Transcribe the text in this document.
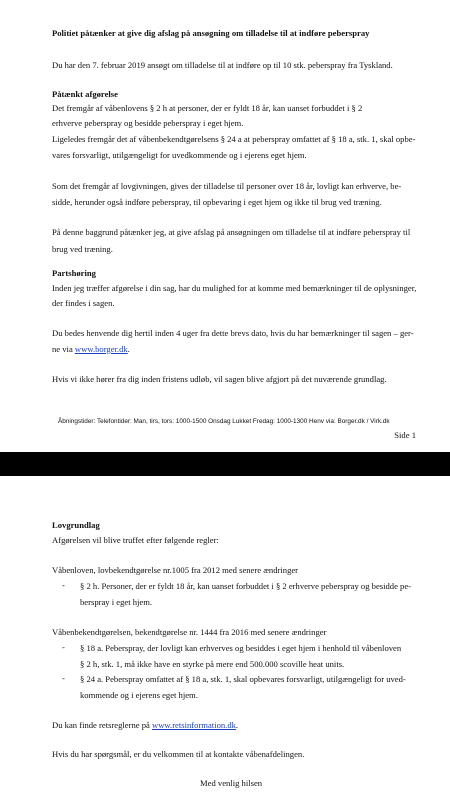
Politiet påtænker at give dig afslag på ansøgning om tilladelse til at indføre peberspray
Du har den 7. februar 2019 ansøgt om tilladelse til at indføre op til 10 stk. peberspray fra Tyskland.
Påtænkt afgørelse
Det fremgår af våbenlovens § 2 h at personer, der er fyldt 18 år, kan uanset forbuddet i § 2
erhverve peberspray og besidde peberspray i eget hjem.
Ligeledes fremgår det af våbenbekendtgørelsens § 24 a at peberspray omfattet af § 18 a, stk. 1, skal opbe-
vares forsvarligt, utilgængeligt for uvedkommende og i ejerens eget hjem.
Som det fremgår af lovgivningen, gives der tilladelse til personer over 18 år, lovligt kan erhverve, be-
sidde, herunder også indføre peberspray, til opbevaring i eget hjem og ikke til brug ved træning.
På denne baggrund påtænker jeg, at give afslag på ansøgningen om tilladelse til at indføre peberspray til
brug ved træning.
Partshøring
Inden jeg træffer afgørelse i din sag, har du mulighed for at komme med bemærkninger til de oplysninger,
der findes i sagen.
Du bedes henvende dig hertil inden 4 uger fra dette brevs dato, hvis du har bemærkninger til sagen – ger-
ne via www.borger.dk.
Hvis vi ikke hører fra dig inden fristens udløb, vil sagen blive afgjort på det nuværende grundlag.
Åbningstider: Telefontider: Man, tirs, tors: 1000-1500 Onsdag Lukket Fredag: 1000-1300 Henv via: Borger.dk / Virk.dk
Side 1
Lovgrundlag
Afgørelsen vil blive truffet efter følgende regler:
Våbenloven, lovbekendtgørelse nr.1005 fra 2012 med senere ændringer
- § 2 h. Personer, der er fyldt 18 år, kan uanset forbuddet i § 2 erhverve peberspray og besidde pe-
berspray i eget hjem.
Våbenbekendtgørelsen, bekendtgørelse nr. 1444 fra 2016 med senere ændringer
- § 18 a. Peberspray, der lovligt kan erhverves og besiddes i eget hjem i henhold til våbenloven
§ 2 h, stk. 1, må ikke have en styrke på mere end 500.000 scoville heat units.
- § 24 a. Peberspray omfattet af § 18 a, stk. 1, skal opbevares forsvarligt, utilgængeligt for uved-
kommende og i ejerens eget hjem.
Du kan finde retsreglerne på www.retsinformation.dk.
Hvis du har spørgsmål, er du velkommen til at kontakte våbenafdelingen.
Med venlig hilsen
